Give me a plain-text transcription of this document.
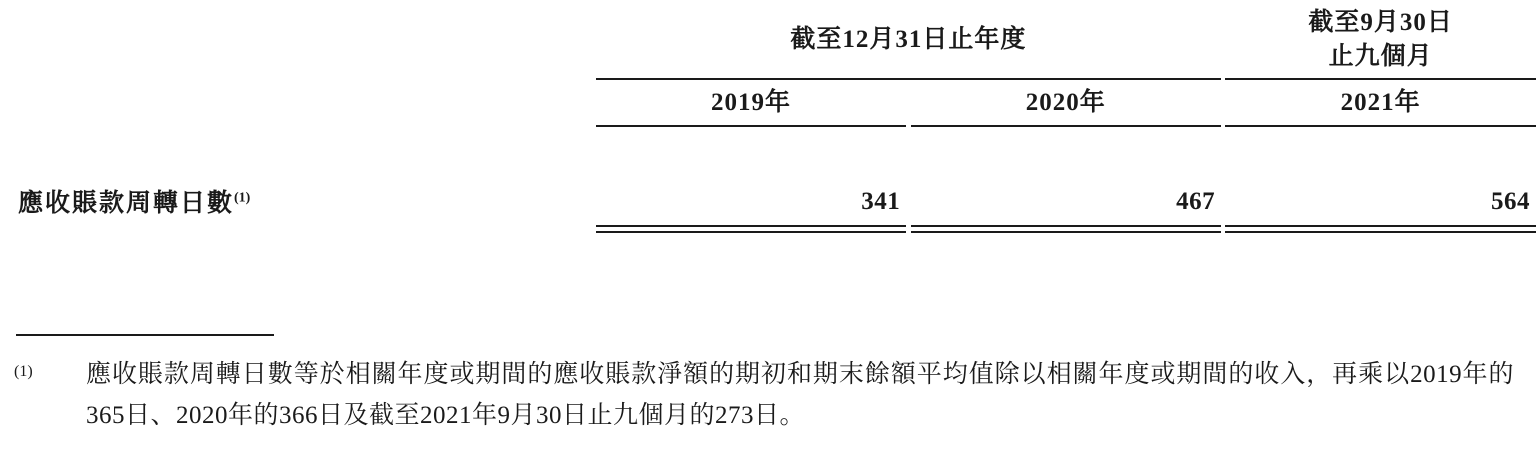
	截至12月31日止年度				截至9月30日
止九個月

	2019年		2020年		2021年

應收賬款周轉日數$^{(1)}$	341		467		564

(1) 應收賬款周轉日數等於相關年度或期間的應收賬款淨額的期初和期末餘額平均值除以相關年度或期間的收入，再乘以2019年的365日、2020年的366日及截至2021年9月30日止九個月的273日。
